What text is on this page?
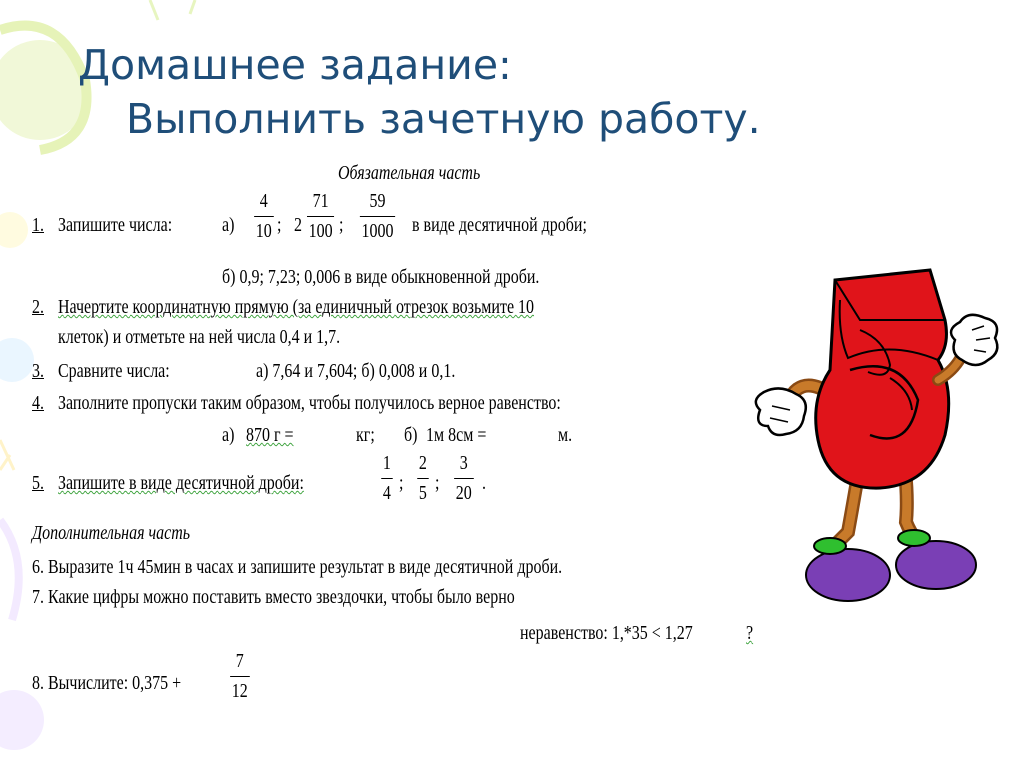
Домашнее задание:
Выполнить зачетную работу.
Обязательная часть
1. Запишите числа:	а)
4
10 ; 2
71
100 ;
59
1000 в виде десятичной дроби;
б) 0,9; 7,23; 0,006 в виде обыкновенной дроби.
2. Начертите координатную прямую (за единичный отрезок возьмите 10
клеток) и отметьте на ней числа 0,4 и 1,7.
3. Сравните числа:	а) 7,64 и 7,604; б) 0,008 и 0,1.
4. Заполните пропуски таким образом, чтобы получилось верное равенство:
а) 870 г =	кг; б) 1м 8см =	м.
5. Запишите в виде десятичной дроби:
1
4 ;
2
5 ;
3
20 .
Дополнительная часть
6. Выразите 1ч 45мин в часах и запишите результат в виде десятичной дроби.
7. Какие цифры можно поставить вместо звездочки, чтобы было верно
неравенство: 1,*35 < 1,27	?
8. Вычислите: 0,375 +
7
12
